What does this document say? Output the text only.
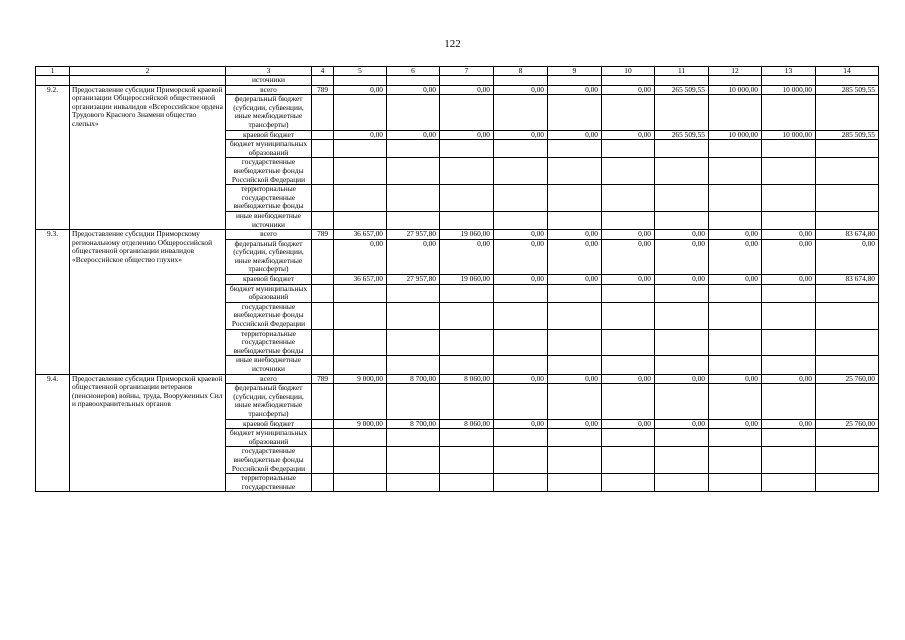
122
1	2	3	4	5	6	7	8	9	10	11	12	13	14
		источники											
9.2.	Предоставление субсидии Приморской краевой организации Общероссийской общественной организации инвалидов «Всероссийское ордена Трудового Красного Знамени общество слепых»	всего	789	0,00	0,00	0,00	0,00	0,00	0,00	265 509,55	10 000,00	10 000,00	285 509,55
		федеральный бюджет (субсидии, субвенции, иные межбюджетные трансферты)											
		краевой бюджет		0,00	0,00	0,00	0,00	0,00	0,00	265 509,55	10 000,00	10 000,00	285 509,55
		бюджет муниципальных образований											
		государственные внебюджетные фонды Российской Федерации											
		территориальные государственные внебюджетные фонды											
		иные внебюджетные источники											
9.3.	Предоставление субсидии Приморскому региональному отделению Общероссийской общественной организации инвалидов «Всероссийское общество глухих»	всего	789	36 657,00	27 957,80	19 060,00	0,00	0,00	0,00	0,00	0,00	0,00	83 674,80
		федеральный бюджет (субсидии, субвенции, иные межбюджетные трансферты)		0,00	0,00	0,00	0,00	0,00	0,00	0,00	0,00	0,00	0,00
		краевой бюджет		36 657,00	27 957,80	19 060,00	0,00	0,00	0,00	0,00	0,00	0,00	83 674,80
		бюджет муниципальных образований											
		государственные внебюджетные фонды Российской Федерации											
		территориальные государственные внебюджетные фонды											
		иные внебюджетные источники											
9.4.	Предоставление субсидии Приморской краевой общественной организации ветеранов (пенсионеров) войны, труда, Вооруженных Сил и правоохранительных органов	всего	789	9 000,00	8 700,00	8 060,00	0,00	0,00	0,00	0,00	0,00	0,00	25 760,00
		федеральный бюджет (субсидии, субвенции, иные межбюджетные трансферты)											
		краевой бюджет		9 000,00	8 700,00	8 060,00	0,00	0,00	0,00	0,00	0,00	0,00	25 760,00
		бюджет муниципальных образований											
		государственные внебюджетные фонды Российской Федерации											
		территориальные государственные											
